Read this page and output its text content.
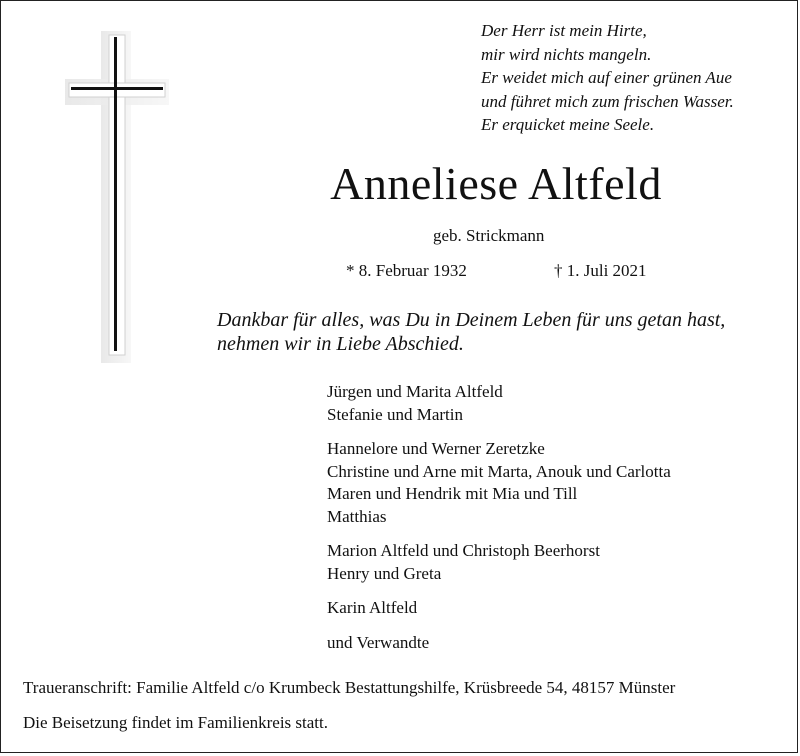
Der Herr ist mein Hirte,
mir wird nichts mangeln.
Er weidet mich auf einer grünen Aue
und führet mich zum frischen Wasser.
Er erquicket meine Seele.
Anneliese Altfeld
geb. Strickmann
* 8. Februar 1932	† 1. Juli 2021
Dankbar für alles, was Du in Deinem Leben für uns getan hast,
nehmen wir in Liebe Abschied.
Jürgen und Marita Altfeld
Stefanie und Martin
Hannelore und Werner Zeretzke
Christine und Arne mit Marta, Anouk und Carlotta
Maren und Hendrik mit Mia und Till
Matthias
Marion Altfeld und Christoph Beerhorst
Henry und Greta
Karin Altfeld
und Verwandte
Traueranschrift: Familie Altfeld c/o Krumbeck Bestattungshilfe, Krüsbreede 54, 48157 Münster
Die Beisetzung findet im Familienkreis statt.
